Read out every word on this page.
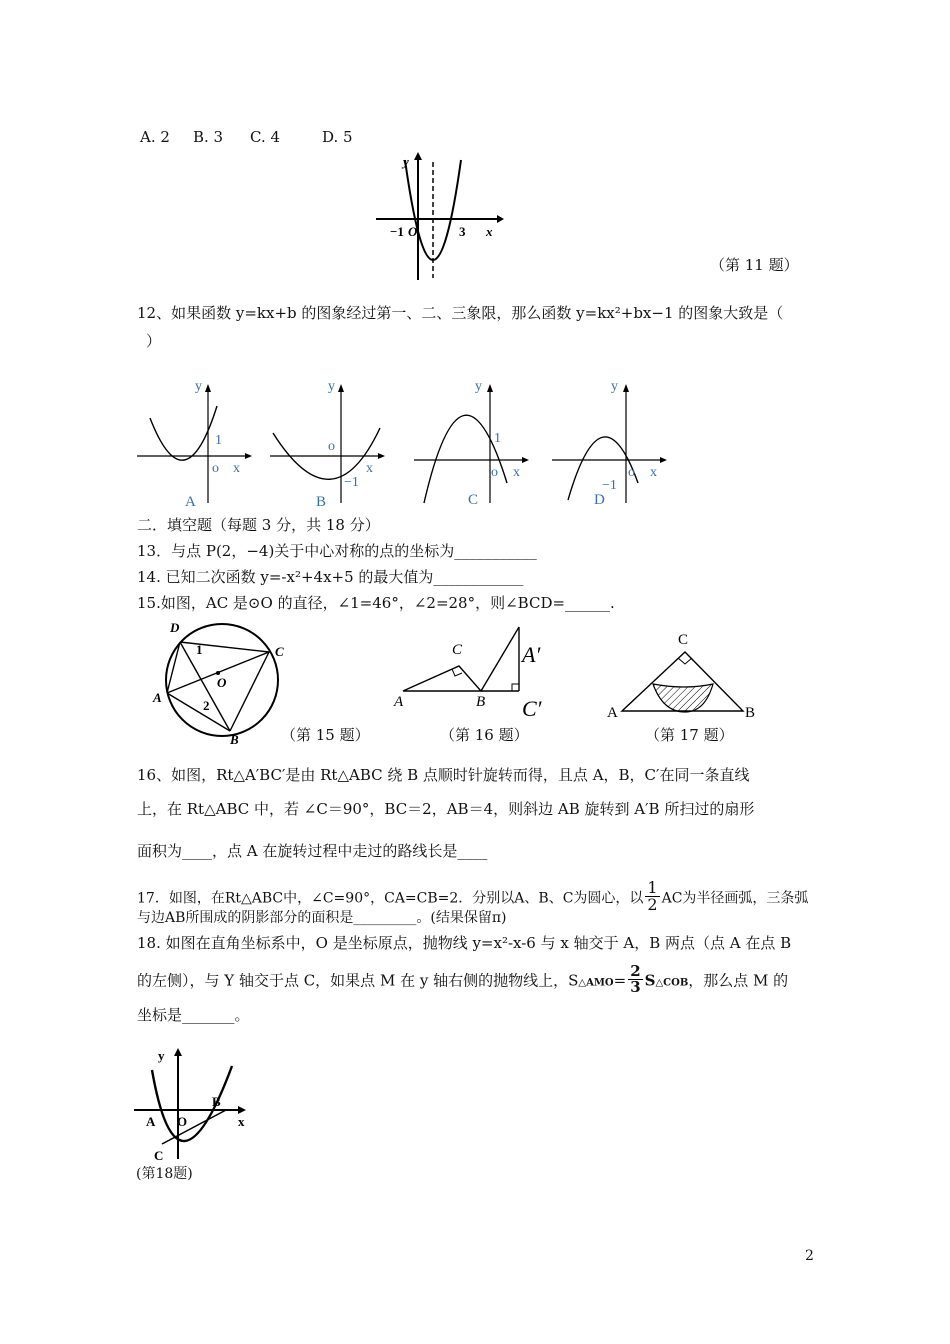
A. 2 B. 3 C. 4	D. 5
y
x
−1 O	3
（第 11 题）
12、如果函数 y=kx+b 的图象经过第一、二、三象限，那么函数 y=kx²+bx−1 的图象大致是（
）
y
1
o x
A
y
o
x
−1
B
y
1
o x
C
y
o x
−1
D
二．填空题（每题 3 分，共 18 分）
13．与点 P(2，−4)关于中心对称的点的坐标为___________
14. 已知二次函数 y=-x²+4x+5 的最大值为____________
15.如图，AC 是⊙O 的直径，∠1=46°，∠2=28°，则∠BCD=______.
D
C
A
B
O
1
2
（第 15 题）
C
A	B
A′
C′
（第 16 题）
C
A	B
（第 17 题）
16、如图，Rt△A′BC′是由 Rt△ABC 绕 B 点顺时针旋转而得，且点 A，B，C′在同一条直线
上，在 Rt△ABC 中，若 ∠C＝90°，BC＝2，AB＝4，则斜边 AB 旋转到 A′B 所扫过的扇形
面积为____，点 A 在旋转过程中走过的路线长是____
17．如图，在Rt△ABC中，∠C=90°，CA=CB=2．分别以A、B、C为圆心，以 $\frac{1}{2}$ AC为半径画弧，三条弧
与边AB所围成的阴影部分的面积是_________。(结果保留π)
18. 如图在直角坐标系中，O 是坐标原点，抛物线 y=x²-x-6 与 x 轴交于 A，B 两点（点 A 在点 B
的左侧），与 Y 轴交于点 C，如果点 M 在 y 轴右侧的抛物线上，S△AMO= $\frac{2}{3}$ S△COB，那么点 M 的
坐标是_______。
y
x
A O
B
C
(第18题)
2
